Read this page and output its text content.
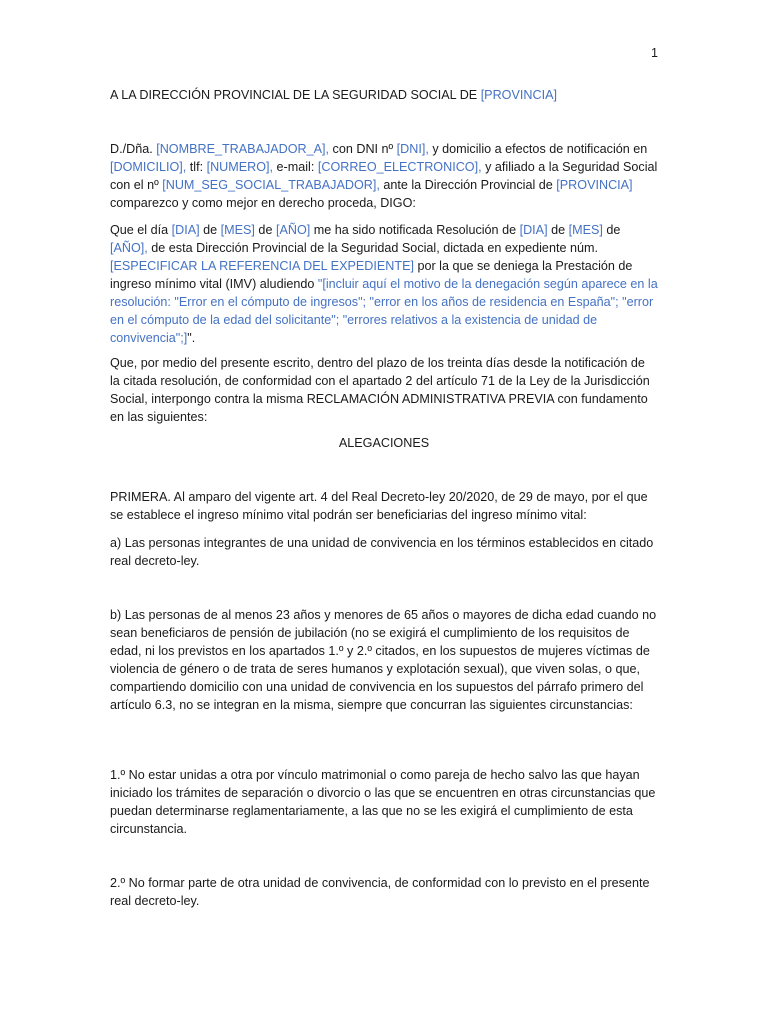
1

A LA DIRECCIÓN PROVINCIAL DE LA SEGURIDAD SOCIAL DE [PROVINCIA]

D./Dña. [NOMBRE_TRABAJADOR_A], con DNI nº [DNI], y domicilio a efectos de notificación en [DOMICILIO], tlf: [NUMERO], e-mail: [CORREO_ELECTRONICO], y afiliado a la Seguridad Social con el nº [NUM_SEG_SOCIAL_TRABAJADOR], ante la Dirección Provincial de [PROVINCIA] comparezco y como mejor en derecho proceda, DIGO:

Que el día [DIA] de [MES] de [AÑO] me ha sido notificada Resolución de [DIA] de [MES] de [AÑO], de esta Dirección Provincial de la Seguridad Social, dictada en expediente núm. [ESPECIFICAR LA REFERENCIA DEL EXPEDIENTE] por la que se deniega la Prestación de ingreso mínimo vital (IMV) aludiendo "[incluir aquí el motivo de la denegación según aparece en la resolución: "Error en el cómputo de ingresos"; "error en los años de residencia en España"; "error en el cómputo de la edad del solicitante"; "errores relativos a la existencia de unidad de convivencia";]".

Que, por medio del presente escrito, dentro del plazo de los treinta días desde la notificación de la citada resolución, de conformidad con el apartado 2 del artículo 71 de la Ley de la Jurisdicción Social, interpongo contra la misma RECLAMACIÓN ADMINISTRATIVA PREVIA con fundamento en las siguientes:

ALEGACIONES

PRIMERA. Al amparo del vigente art. 4 del Real Decreto-ley 20/2020, de 29 de mayo, por el que se establece el ingreso mínimo vital podrán ser beneficiarias del ingreso mínimo vital:

a) Las personas integrantes de una unidad de convivencia en los términos establecidos en citado real decreto-ley.

b) Las personas de al menos 23 años y menores de 65 años o mayores de dicha edad cuando no sean beneficiaros de pensión de jubilación (no se exigirá el cumplimiento de los requisitos de edad, ni los previstos en los apartados 1.º y 2.º citados, en los supuestos de mujeres víctimas de violencia de género o de trata de seres humanos y explotación sexual), que viven solas, o que, compartiendo domicilio con una unidad de convivencia en los supuestos del párrafo primero del artículo 6.3, no se integran en la misma, siempre que concurran las siguientes circunstancias:

1.º No estar unidas a otra por vínculo matrimonial o como pareja de hecho salvo las que hayan iniciado los trámites de separación o divorcio o las que se encuentren en otras circunstancias que puedan determinarse reglamentariamente, a las que no se les exigirá el cumplimiento de esta circunstancia.

2.º No formar parte de otra unidad de convivencia, de conformidad con lo previsto en el presente real decreto-ley.
